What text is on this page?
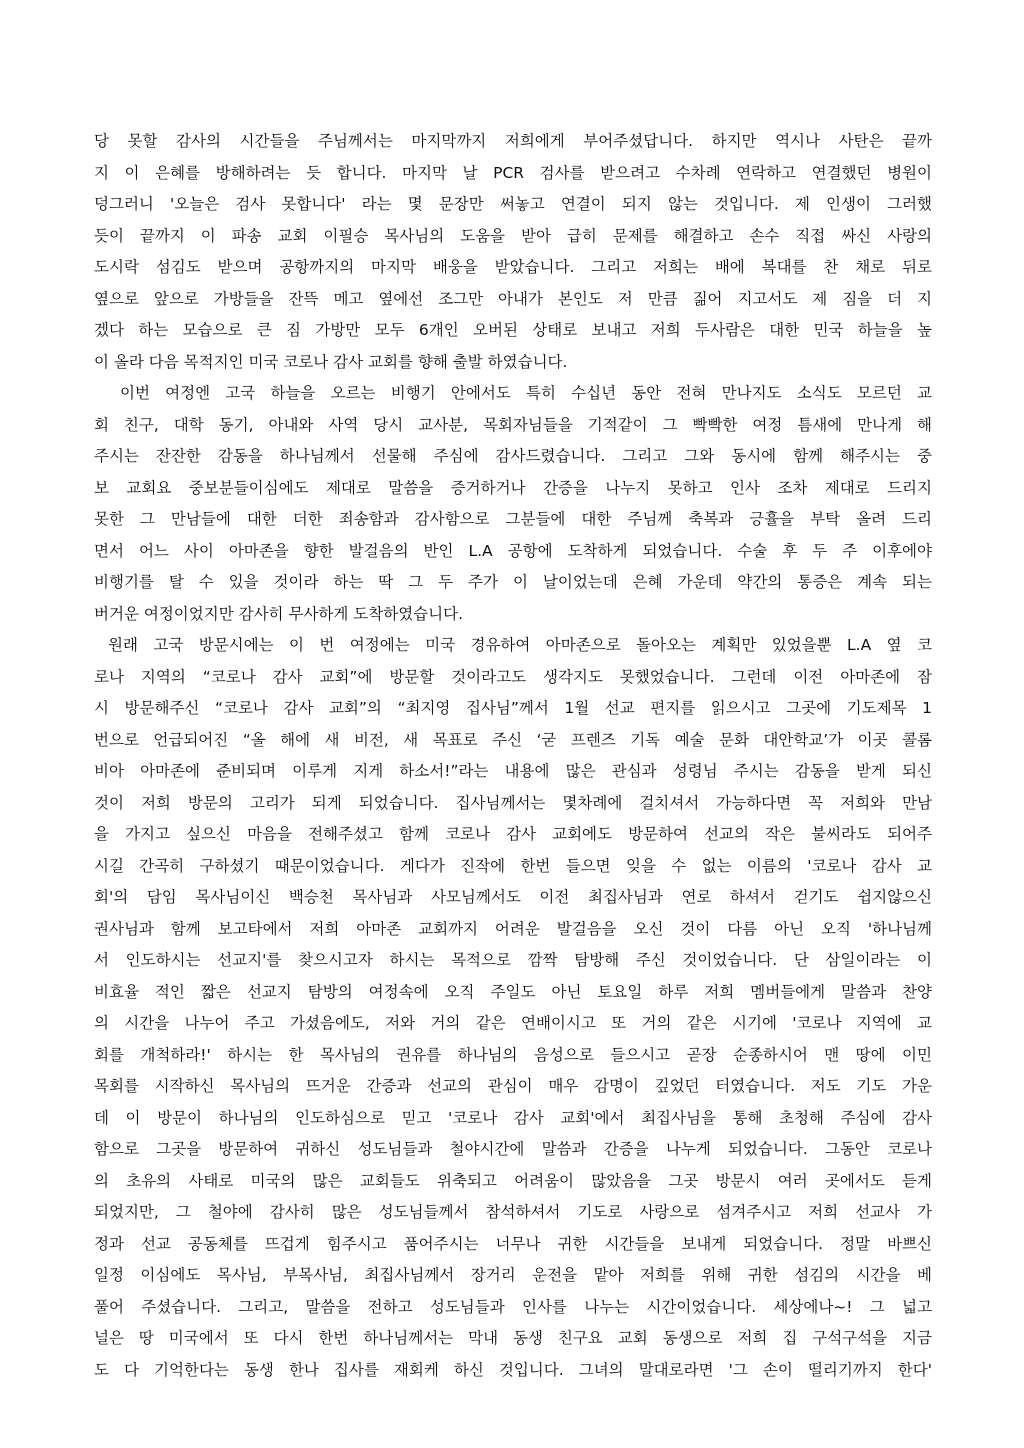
당 못할 감사의 시간들을 주님께서는 마지막까지 저희에게 부어주셨답니다. 하지만 역시나 사탄은 끝까
지 이 은혜를 방해하려는 듯 합니다. 마지막 날 PCR 검사를 받으려고 수차례 연락하고 연결했던 병원이
덩그러니 '오늘은 검사 못합니다' 라는 몇 문장만 써놓고 연결이 되지 않는 것입니다. 제 인생이 그러했
듯이 끝까지 이 파송 교회 이필승 목사님의 도움을 받아 급히 문제를 해결하고 손수 직접 싸신 사랑의
도시락 섬김도 받으며 공항까지의 마지막 배웅을 받았습니다. 그리고 저희는 배에 복대를 찬 채로 뒤로
옆으로 앞으로 가방들을 잔뜩 메고 옆에선 조그만 아내가 본인도 저 만큼 짊어 지고서도 제 짐을 더 지
겠다 하는 모습으로 큰 짐 가방만 모두 6개인 오버된 상태로 보내고 저희 두사람은 대한 민국 하늘을 높
이 올라 다음 목적지인 미국 코로나 감사 교회를 향해 출발 하였습니다.
이번 여정엔 고국 하늘을 오르는 비행기 안에서도 특히 수십년 동안 전혀 만나지도 소식도 모르던 교
회 친구, 대학 동기, 아내와 사역 당시 교사분, 목회자님들을 기적같이 그 빡빡한 여정 틈새에 만나게 해
주시는 잔잔한 감동을 하나님께서 선물해 주심에 감사드렸습니다. 그리고 그와 동시에 함께 해주시는 중
보 교회요 중보분들이심에도 제대로 말씀을 증거하거나 간증을 나누지 못하고 인사 조차 제대로 드리지
못한 그 만남들에 대한 더한 죄송함과 감사함으로 그분들에 대한 주님께 축복과 긍휼을 부탁 올려 드리
면서 어느 사이 아마존을 향한 발걸음의 반인 L.A 공항에 도착하게 되었습니다. 수술 후 두 주 이후에야
비행기를 탈 수 있을 것이라 하는 딱 그 두 주가 이 날이었는데 은혜 가운데 약간의 통증은 계속 되는
버거운 여정이었지만 감사히 무사하게 도착하였습니다.
원래 고국 방문시에는 이 번 여정에는 미국 경유하여 아마존으로 돌아오는 계획만 있었을뿐 L.A 옆 코
로나 지역의 “코로나 감사 교회”에 방문할 것이라고도 생각지도 못했었습니다. 그런데 이전 아마존에 잠
시 방문해주신 “코로나 감사 교회”의 “최지영 집사님”께서 1월 선교 편지를 읽으시고 그곳에 기도제목 1
번으로 언급되어진 “올 해에 새 비전, 새 목표로 주신 ‘굳 프렌즈 기독 예술 문화 대안학교’가 이곳 콜롬
비아 아마존에 준비되며 이루게 지게 하소서!”라는 내용에 많은 관심과 성령님 주시는 감동을 받게 되신
것이 저희 방문의 고리가 되게 되었습니다. 집사님께서는 몇차례에 걸치셔서 가능하다면 꼭 저희와 만남
을 가지고 싶으신 마음을 전해주셨고 함께 코로나 감사 교회에도 방문하여 선교의 작은 불씨라도 되어주
시길 간곡히 구하셨기 때문이었습니다. 게다가 진작에 한번 들으면 잊을 수 없는 이름의 '코로나 감사 교
회'의 담임 목사님이신 백승천 목사님과 사모님께서도 이전 최집사님과 연로 하셔서 걷기도 쉽지않으신
권사님과 함께 보고타에서 저희 아마존 교회까지 어려운 발걸음을 오신 것이 다름 아닌 오직 '하나님께
서 인도하시는 선교지'를 찾으시고자 하시는 목적으로 깜짝 탐방해 주신 것이었습니다. 단 삼일이라는 이
비효율 적인 짧은 선교지 탐방의 여정속에 오직 주일도 아닌 토요일 하루 저희 멤버들에게 말씀과 찬양
의 시간을 나누어 주고 가셨음에도, 저와 거의 같은 연배이시고 또 거의 같은 시기에 '코로나 지역에 교
회를 개척하라!' 하시는 한 목사님의 권유를 하나님의 음성으로 들으시고 곧장 순종하시어 맨 땅에 이민
목회를 시작하신 목사님의 뜨거운 간증과 선교의 관심이 매우 감명이 깊었던 터였습니다. 저도 기도 가운
데 이 방문이 하나님의 인도하심으로 믿고 '코로나 감사 교회'에서 최집사님을 통해 초청해 주심에 감사
함으로 그곳을 방문하여 귀하신 성도님들과 철야시간에 말씀과 간증을 나누게 되었습니다. 그동안 코로나
의 초유의 사태로 미국의 많은 교회들도 위축되고 어려움이 많았음을 그곳 방문시 여러 곳에서도 듣게
되었지만, 그 철야에 감사히 많은 성도님들께서 참석하셔서 기도로 사랑으로 섬겨주시고 저희 선교사 가
정과 선교 공동체를 뜨겁게 힘주시고 품어주시는 너무나 귀한 시간들을 보내게 되었습니다. 정말 바쁘신
일정 이심에도 목사님, 부목사님, 최집사님께서 장거리 운전을 맡아 저희를 위해 귀한 섬김의 시간을 베
풀어 주셨습니다. 그리고, 말씀을 전하고 성도님들과 인사를 나누는 시간이었습니다. 세상에나~! 그 넓고
널은 땅 미국에서 또 다시 한번 하나님께서는 막내 동생 친구요 교회 동생으로 저희 집 구석구석을 지금
도 다 기억한다는 동생 한나 집사를 재회케 하신 것입니다. 그녀의 말대로라면 '그 손이 떨리기까지 한다'
